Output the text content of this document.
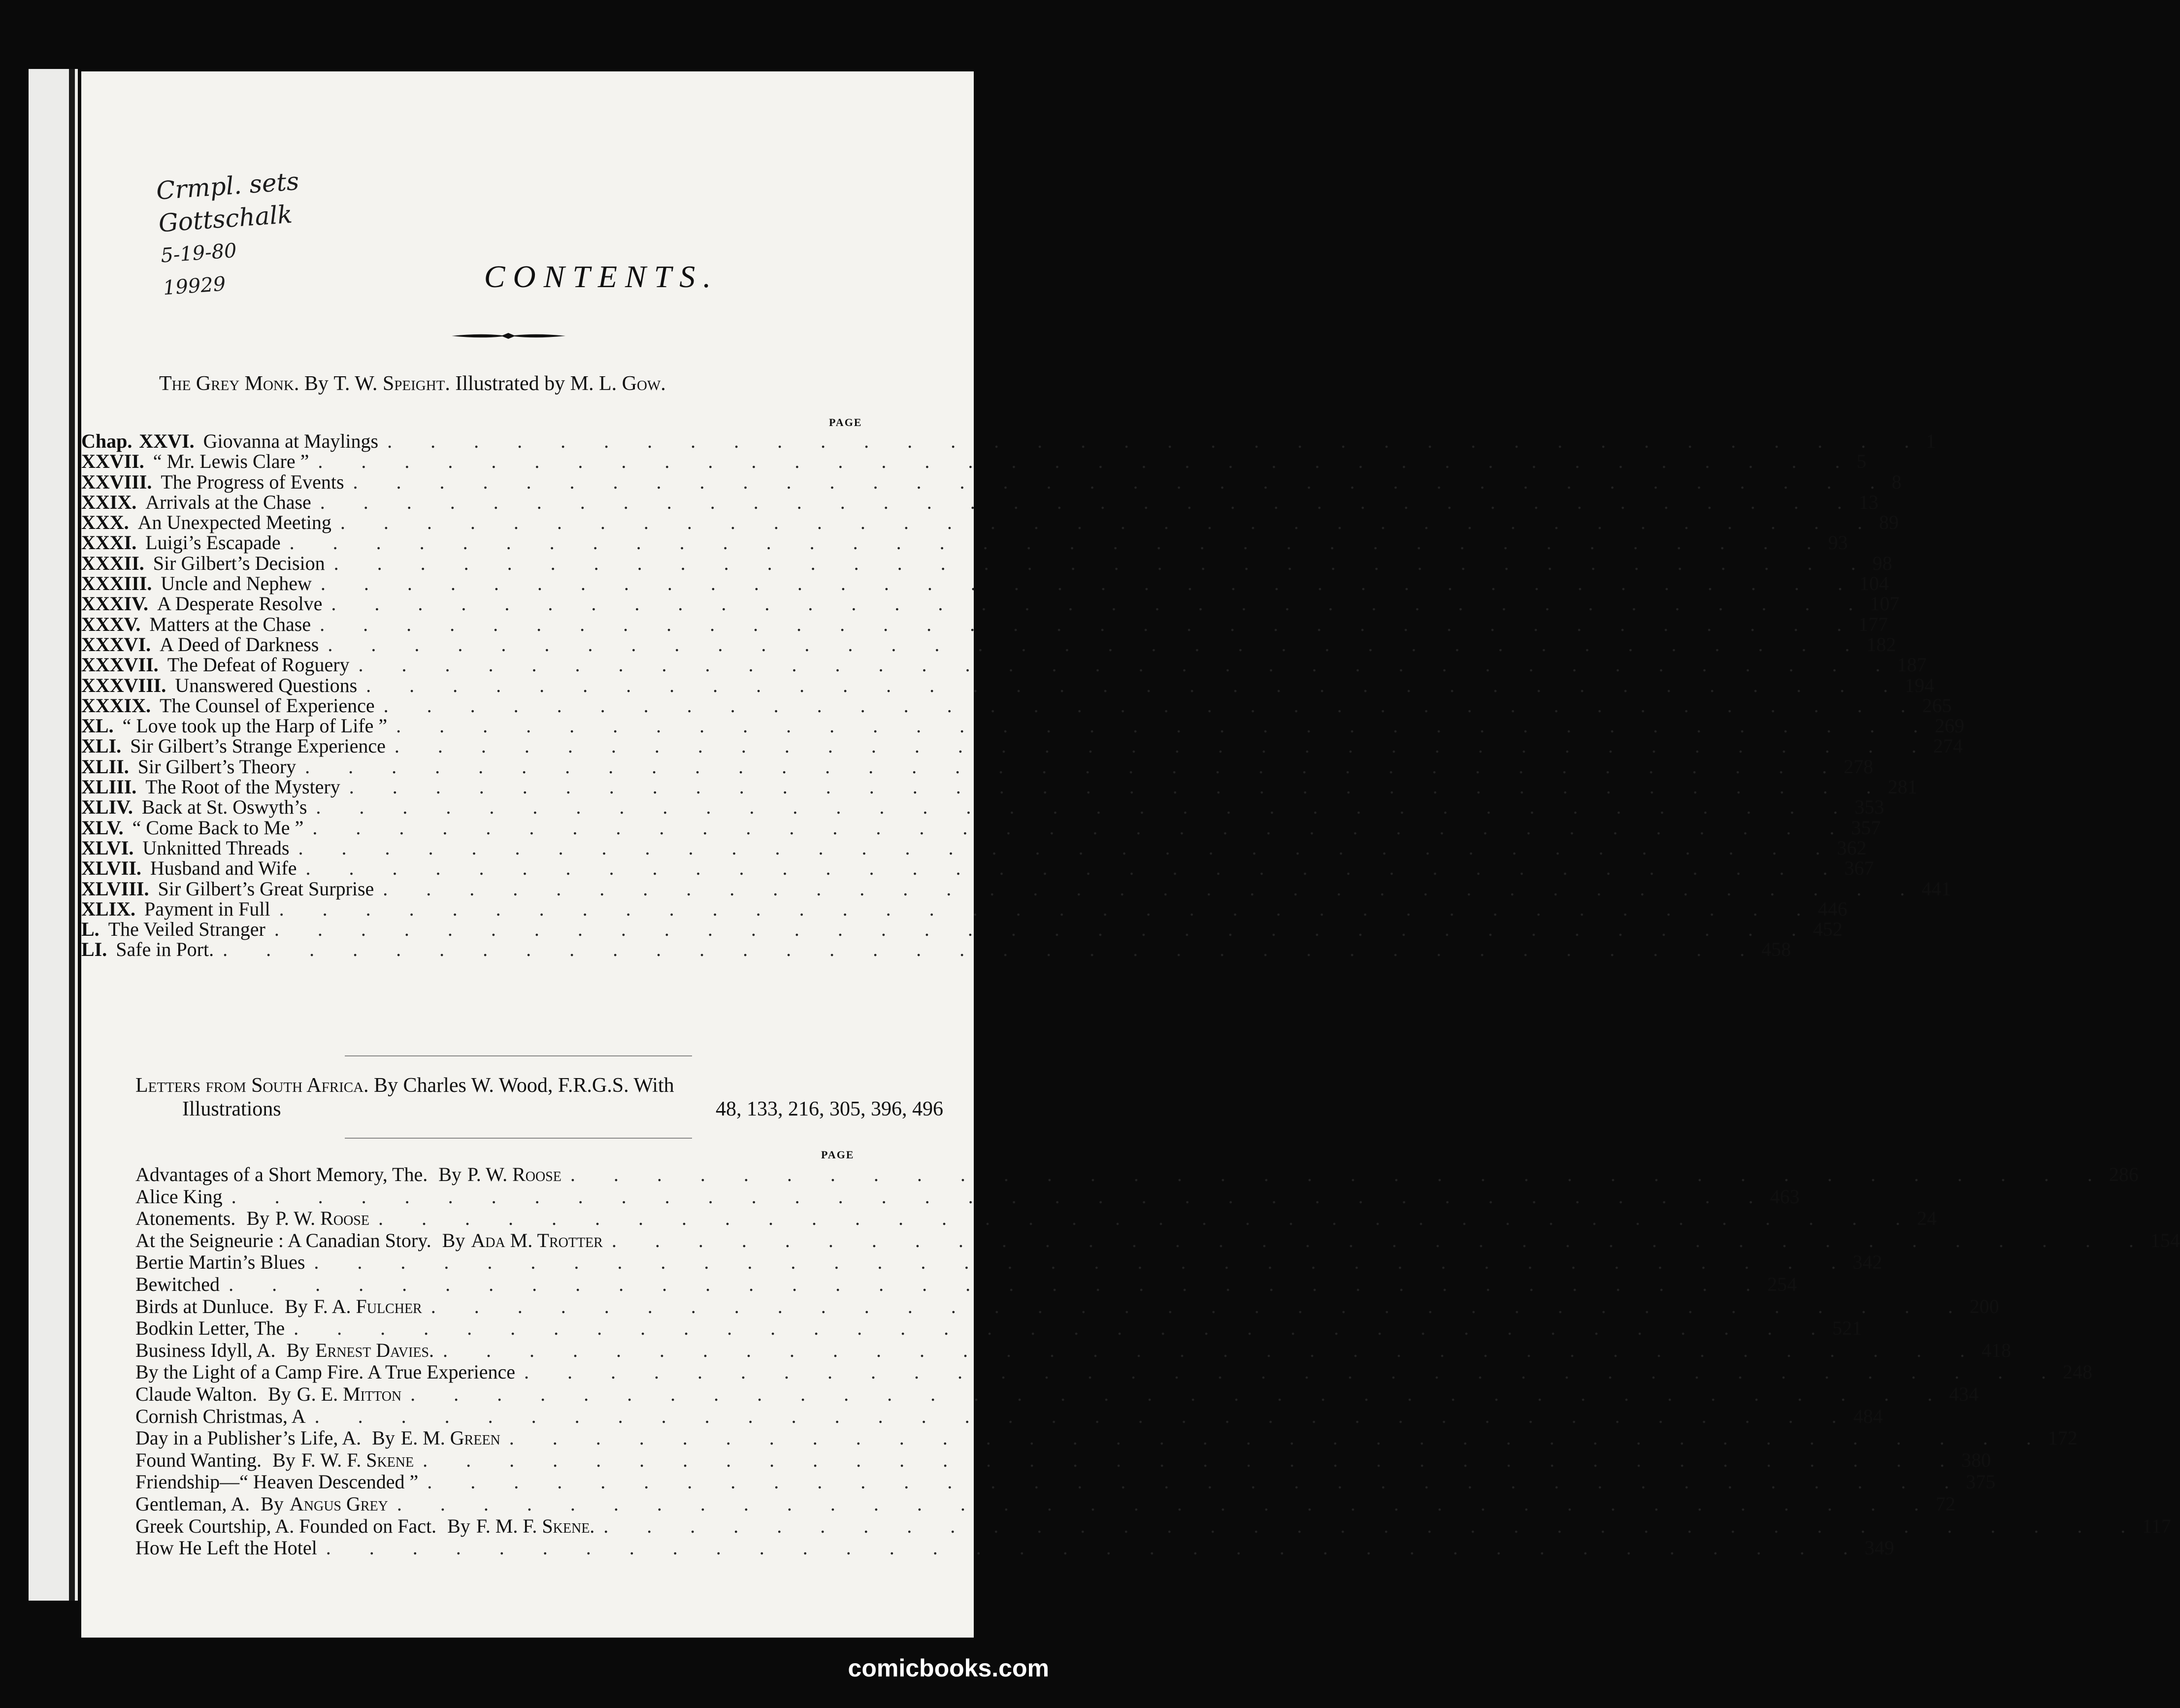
Crmpl. sets
Gottschalk
5-19-80
19929	CONTENTS.
The Grey Monk. By T. W. Speight. Illustrated by M. L. Gow.
PAGE
Chap. XXVI. Giovanna at Maylings . . . . . . . . . . . . . . . . . . . . . . . . . . . . . . . . . . . . 1
XXVII. “ Mr. Lewis Clare ” . . . . . . . . . . . . . . . . . . . . . . . . . . . . . . . . . . . . 5
XXVIII. The Progress of Events . . . . . . . . . . . . . . . . . . . . . . . . . . . . . . . . . . . . 8
XXIX. Arrivals at the Chase . . . . . . . . . . . . . . . . . . . . . . . . . . . . . . . . . . . . 13
XXX. An Unexpected Meeting . . . . . . . . . . . . . . . . . . . . . . . . . . . . . . . . . . . . 89
XXXI. Luigi’s Escapade . . . . . . . . . . . . . . . . . . . . . . . . . . . . . . . . . . . . 93
XXXII. Sir Gilbert’s Decision . . . . . . . . . . . . . . . . . . . . . . . . . . . . . . . . . . . . 98
XXXIII. Uncle and Nephew . . . . . . . . . . . . . . . . . . . . . . . . . . . . . . . . . . . . 104
XXXIV. A Desperate Resolve . . . . . . . . . . . . . . . . . . . . . . . . . . . . . . . . . . . . 107
XXXV. Matters at the Chase . . . . . . . . . . . . . . . . . . . . . . . . . . . . . . . . . . . . 177
XXXVI. A Deed of Darkness . . . . . . . . . . . . . . . . . . . . . . . . . . . . . . . . . . . . 182
XXXVII. The Defeat of Roguery . . . . . . . . . . . . . . . . . . . . . . . . . . . . . . . . . . . . 187
XXXVIII. Unanswered Questions . . . . . . . . . . . . . . . . . . . . . . . . . . . . . . . . . . . . 194
XXXIX. The Counsel of Experience . . . . . . . . . . . . . . . . . . . . . . . . . . . . . . . . . . . . 265
XL. “ Love took up the Harp of Life ” . . . . . . . . . . . . . . . . . . . . . . . . . . . . . . . . . . . . 269
XLI. Sir Gilbert’s Strange Experience . . . . . . . . . . . . . . . . . . . . . . . . . . . . . . . . . . . . 274
XLII. Sir Gilbert’s Theory . . . . . . . . . . . . . . . . . . . . . . . . . . . . . . . . . . . . 278
XLIII. The Root of the Mystery . . . . . . . . . . . . . . . . . . . . . . . . . . . . . . . . . . . . 281
XLIV. Back at St. Oswyth’s . . . . . . . . . . . . . . . . . . . . . . . . . . . . . . . . . . . . 353
XLV. “ Come Back to Me ” . . . . . . . . . . . . . . . . . . . . . . . . . . . . . . . . . . . . 357
XLVI. Unknitted Threads . . . . . . . . . . . . . . . . . . . . . . . . . . . . . . . . . . . . 362
XLVII. Husband and Wife . . . . . . . . . . . . . . . . . . . . . . . . . . . . . . . . . . . . 367
XLVIII. Sir Gilbert’s Great Surprise . . . . . . . . . . . . . . . . . . . . . . . . . . . . . . . . . . . . 441
XLIX. Payment in Full . . . . . . . . . . . . . . . . . . . . . . . . . . . . . . . . . . . . 446
L. The Veiled Stranger . . . . . . . . . . . . . . . . . . . . . . . . . . . . . . . . . . . . 452
LI. Safe in Port. . . . . . . . . . . . . . . . . . . . . . . . . . . . . . . . . . . . . 458
Letters from South Africa. By Charles W. Wood, F.R.G.S. With
Illustrations	48, 133, 216, 305, 396, 496
PAGE
Advantages of a Short Memory, The. By P. W. Roose . . . . . . . . . . . . . . . . . . . . . . . . . . . . . . . . . . . . 286
Alice King . . . . . . . . . . . . . . . . . . . . . . . . . . . . . . . . . . . . 463
Atonements. By P. W. Roose . . . . . . . . . . . . . . . . . . . . . . . . . . . . . . . . . . . . 24
At the Seigneurie : A Canadian Story. By Ada M. Trotter . . . . . . . . . . . . . . . . . . . . . . . . . . . . . . . . . . . . 154
Bertie Martin’s Blues . . . . . . . . . . . . . . . . . . . . . . . . . . . . . . . . . . . . 342
Bewitched . . . . . . . . . . . . . . . . . . . . . . . . . . . . . . . . . . . . 254
Birds at Dunluce. By F. A. Fulcher . . . . . . . . . . . . . . . . . . . . . . . . . . . . . . . . . . . . 200
Bodkin Letter, The . . . . . . . . . . . . . . . . . . . . . . . . . . . . . . . . . . . . 521
Business Idyll, A. By Ernest Davies. . . . . . . . . . . . . . . . . . . . . . . . . . . . . . . . . . . . . 418
By the Light of a Camp Fire. A True Experience . . . . . . . . . . . . . . . . . . . . . . . . . . . . . . . . . . . . 248
Claude Walton. By G. E. Mitton . . . . . . . . . . . . . . . . . . . . . . . . . . . . . . . . . . . . 434
Cornish Christmas, A . . . . . . . . . . . . . . . . . . . . . . . . . . . . . . . . . . . . 484
Day in a Publisher’s Life, A. By E. M. Green . . . . . . . . . . . . . . . . . . . . . . . . . . . . . . . . . . . . 172
Found Wanting. By F. W. F. Skene . . . . . . . . . . . . . . . . . . . . . . . . . . . . . . . . . . . . 380
Friendship—“ Heaven Descended ” . . . . . . . . . . . . . . . . . . . . . . . . . . . . . . . . . . . . 375
Gentleman, A. By Angus Grey . . . . . . . . . . . . . . . . . . . . . . . . . . . . . . . . . . . . 72
Greek Courtship, A. Founded on Fact. By F. M. F. Skene. . . . . . . . . . . . . . . . . . . . . . . . . . . . . . . . . . . . . 117
How He Left the Hotel . . . . . . . . . . . . . . . . . . . . . . . . . . . . . . . . . . . . 349
comicbooks.com
